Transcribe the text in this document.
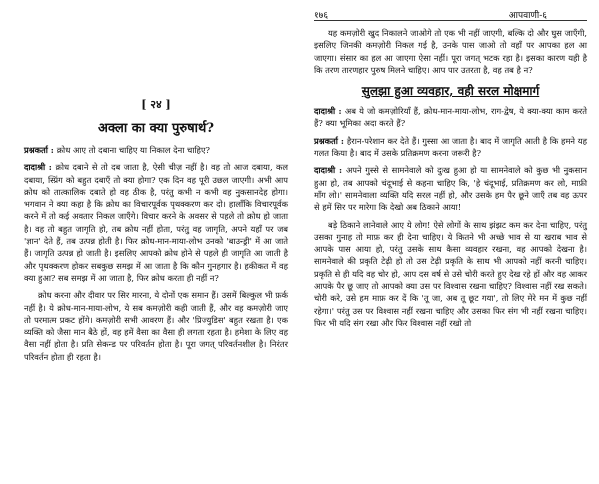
[ २४ ]
अक्ला का क्या पुरुषार्थ?

प्रश्नकर्ता : क्रोध आए तो दबाना चाहिए या निकाल देना चाहिए?

दादाश्री : क्रोध दबाने से तो दब जाता है, ऐसी चीज़ नहीं है। वह तो आज दबाया, कल दबाया, स्प्रिंग को बहुत दबाएँ तो क्या होगा? एक दिन वह पूरी उछल जाएगी। अभी आप क्रोध को तात्कालिक दबाते हो वह ठीक है, परंतु कभी न कभी वह नुकसानदेह होगा। भगवान ने क्या कहा है कि क्रोध का विचारपूर्वक पृथक्करण कर दो। हालाँकि विचारपूर्वक करने में तो कई अवतार निकल जाएँगे। विचार करने के अवसर से पहले तो क्रोध हो जाता है। वह तो बहुत जागृति हो, तब क्रोध नहीं होता, परंतु वह जागृति, अपने यहाँ पर जब 'ज्ञान' देते हैं, तब उत्पन्न होती है। फिर क्रोध-मान-माया-लोभ उनको 'बाउन्ड्री' में आ जाते हैं। जागृति उत्पन्न हो जाती है। इसलिए आपको क्रोध होने से पहले ही जागृति आ जाती है और पृथक्करण होकर सबकुछ समझ में आ जाता है कि कौन गुनहगार है। हकीकत में वह क्या हुआ? सब समझ में आ जाता है, फिर क्रोध करता ही नहीं न?

क्रोध करना और दीवार पर सिर मारना, ये दोनों एक समान हैं। उसमें बिल्कुल भी फ़र्क नहीं है। ये क्रोध-मान-माया-लोभ, ये सब कमज़ोरी कही जाती हैं, और वह कमज़ोरी जाए तो परमात्म प्रकट होंगे। कमज़ोरी सभी आवरण हैं। और 'प्रिज्युडिस' बहुत रखता है। एक व्यक्ति को जैसा मान बैठे हों, वह हमें वैसा का वैसा ही लगता रहता है। हमेशा के लिए वह वैसा नहीं होता है। प्रति सेकन्ड पर परिवर्तन होता है। पूरा जगत् परिवर्तनशील है। निरंतर परिवर्तन होता ही रहता है।

१७६	आपवाणी-६

यह कमज़ोरी खुद निकालने जाओगे तो एक भी नहीं जाएगी, बल्कि दो और घुस जाएँगी, इसलिए जिनकी कमज़ोरी निकल गई है, उनके पास जाओ तो वहाँ पर आपका हल आ जाएगा। संसार का हल आ जाएगा ऐसा नहीं। पूरा जगत् भटक रहा है। इसका कारण यही है कि तरण तारणहार पुरुष मिलने चाहिए। आप पार उतरता है, वह तब है न?

सुलझा हुआ व्यवहार, वही सरल मोक्षमार्ग

दादाश्री : अब ये जो कमज़ोरियाँ हैं, क्रोध-मान-माया-लोभ, राग-द्वेष, ये क्या-क्या काम करते हैं? क्या भूमिका अदा करते हैं?

प्रश्नकर्ता : हैरान-परेशान कर देते हैं। गुस्सा आ जाता है। बाद में जागृति आती है कि हमने यह गलत किया है। बाद में उसके प्रतिक्रमण करना जरूरी है?

दादाश्री : अपने गुस्से से सामनेवाले को दुःख हुआ हो या सामनेवाले को कुछ भी नुकसान हुआ हो, तब आपको चंदूभाई से कहना चाहिए कि, 'हे चंदूभाई, प्रतिक्रमण कर लो, माफ़ी माँग लो।' सामनेवाला व्यक्ति यदि सरल नहीं हो, और उसके हम पैर छूने जाएँ तब वह ऊपर से हमें सिर पर मारेगा कि देखो अब ठिकाने आया!

बड़े ठिकाने लानेवाले आए ये लोग! ऐसे लोगों के साथ झंझट कम कर देना चाहिए, परंतु उसका गुनाह तो माफ़ कर ही देना चाहिए। ये कितने भी अच्छे भाव से या खराब भाव से आपके पास आया हो, परंतु उसके साथ कैसा व्यवहार रखना, वह आपको देखना है। सामनेवाले की प्रकृति टेढ़ी हो तो उस टेढ़ी प्रकृति के साथ भी आपको नहीं करनी चाहिए। प्रकृति से ही यदि वह चोर हो, आप दस वर्ष से उसे चोरी करते हुए देख रहे हों और वह आकर आपके पैर छू जाए तो आपको क्या उस पर विश्वास रखना चाहिए? विश्वास नहीं रख सकते। चोरी करे, उसे हम माफ़ कर दें कि 'तू जा, अब तू छूट गया', तो लिए मेरे मन में कुछ नहीं रहेगा।' परंतु उस पर विश्वास नहीं रखना चाहिए और उसका फिर संग भी नहीं रखना चाहिए। फिर भी यदि संग रखा और फिर विश्वास नहीं रखो तो
